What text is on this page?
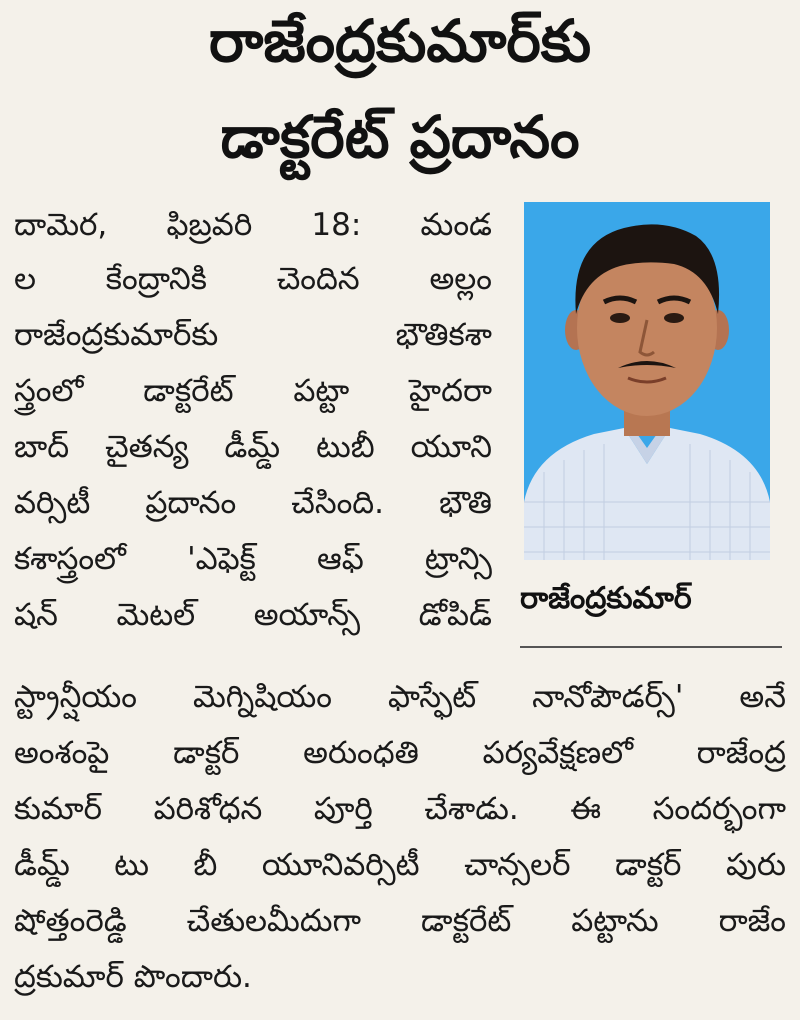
రాజేంద్రకుమార్‌కు
డాక్టరేట్ ప్రదానం
దామెర, ఫిబ్రవరి 18: మండ
ల కేంద్రానికి చెందిన అల్లం
రాజేంద్రకుమార్‌కు భౌతికశా
స్త్రంలో డాక్టరేట్ పట్టా హైదరా
బాద్ చైతన్య డీమ్డ్ టుబీ యూని
వర్సిటీ ప్రదానం చేసింది. భౌతి
కశాస్త్రంలో 'ఎఫెక్ట్ ఆఫ్ ట్రాన్సి
షన్ మెటల్ అయాన్స్ డోపిడ్ రాజేంద్రకుమార్
స్ట్రాన్షీయం మెగ్నిషియం ఫాస్ఫేట్ నానోపౌడర్స్' అనే
అంశంపై డాక్టర్ అరుంధతి పర్యవేక్షణలో రాజేంద్ర
కుమార్ పరిశోధన పూర్తి చేశాడు. ఈ సందర్భంగా
డీమ్డ్ టు బీ యూనివర్సిటీ చాన్సలర్ డాక్టర్ పురు
షోత్తంరెడ్డి చేతులమీదుగా డాక్టరేట్ పట్టాను రాజేం
ద్రకుమార్ పొందారు.
